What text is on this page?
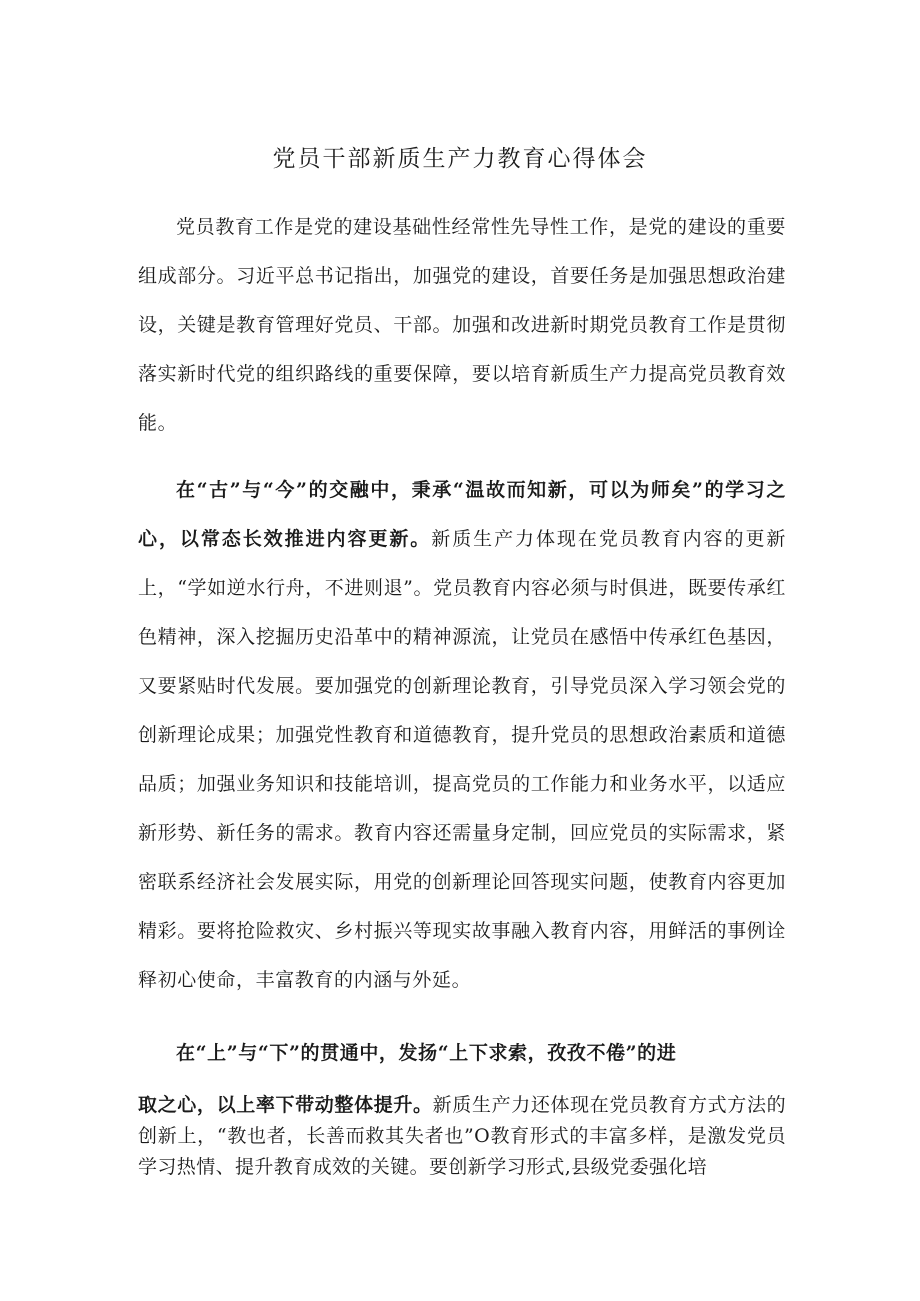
党员干部新质生产力教育心得体会

党员教育工作是党的建设基础性经常性先导性工作，是党的建设的重要组成部分。习近平总书记指出，加强党的建设，首要任务是加强思想政治建设，关键是教育管理好党员、干部。加强和改进新时期党员教育工作是贯彻落实新时代党的组织路线的重要保障，要以培育新质生产力提高党员教育效能。

在“古”与“今”的交融中，秉承“温故而知新，可以为师矣”的学习之心，以常态长效推进内容更新。新质生产力体现在党员教育内容的更新上，“学如逆水行舟，不进则退”。党员教育内容必须与时俱进，既要传承红色精神，深入挖掘历史沿革中的精神源流，让党员在感悟中传承红色基因，又要紧贴时代发展。要加强党的创新理论教育，引导党员深入学习领会党的创新理论成果；加强党性教育和道德教育，提升党员的思想政治素质和道德品质；加强业务知识和技能培训，提高党员的工作能力和业务水平，以适应新形势、新任务的需求。教育内容还需量身定制，回应党员的实际需求，紧密联系经济社会发展实际，用党的创新理论回答现实问题，使教育内容更加精彩。要将抢险救灾、乡村振兴等现实故事融入教育内容，用鲜活的事例诠释初心使命，丰富教育的内涵与外延。

在“上”与“下”的贯通中，发扬“上下求索，孜孜不倦”的进

取之心，以上率下带动整体提升。新质生产力还体现在党员教育方式方法的创新上，“教也者，长善而救其失者也”O教育形式的丰富多样，是激发党员学习热情、提升教育成效的关键。要创新学习形式,县级党委强化培
